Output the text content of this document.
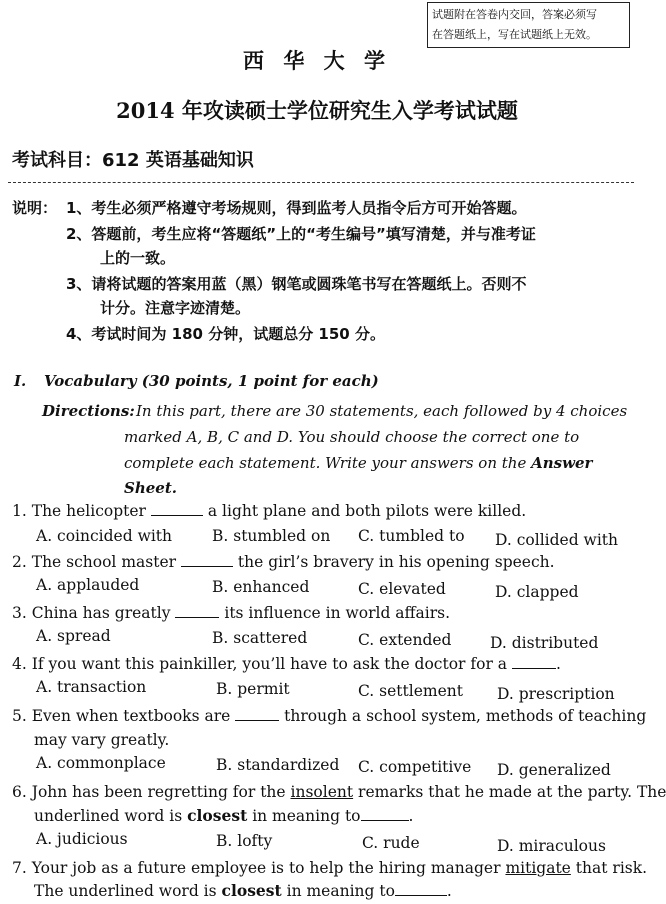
试题附在答卷内交回，答案必须写
在答题纸上，写在试题纸上无效。
西 华 大 学
2014 年攻读硕士学位研究生入学考试试题
考试科目：612 英语基础知识
说明： 1、考生必须严格遵守考场规则，得到监考人员指令后方可开始答题。
2、答题前，考生应将“答题纸”上的“考生编号”填写清楚，并与准考证
上的一致。
3、请将试题的答案用蓝（黑）钢笔或圆珠笔书写在答题纸上。否则不
计分。注意字迹清楚。
4、考试时间为 180 分钟，试题总分 150 分。
I. Vocabulary (30 points, 1 point for each)
Directions: In this part, there are 30 statements, each followed by 4 choices
marked A, B, C and D. You should choose the correct one to
complete each statement. Write your answers on the Answer Sheet.
1. The helicopter	a light plane and both pilots were killed.
A. coincided with	B. stumbled on C. tumbled to D. collided with
2. The school master	the girl’s bravery in his opening speech.
A. applauded	B. enhanced	C. elevated	D. clapped
3. China has greatly	its influence in world affairs.
A. spread	B. scattered	C. extended D. distributed
4. If you want this painkiller, you’ll have to ask the doctor for a	.
A. transaction	B. permit	C. settlement D. prescription
5. Even when textbooks are	through a school system, methods of teaching
may vary greatly.
A. commonplace	B. standardized C. competitive D. generalized
6. John has been regretting for the insolent remarks that he made at the party. The
underlined word is closest in meaning to	.
A. judicious	B. lofty	C. rude	D. miraculous
7. Your job as a future employee is to help the hiring manager mitigate that risk.
The underlined word is closest in meaning to	.
